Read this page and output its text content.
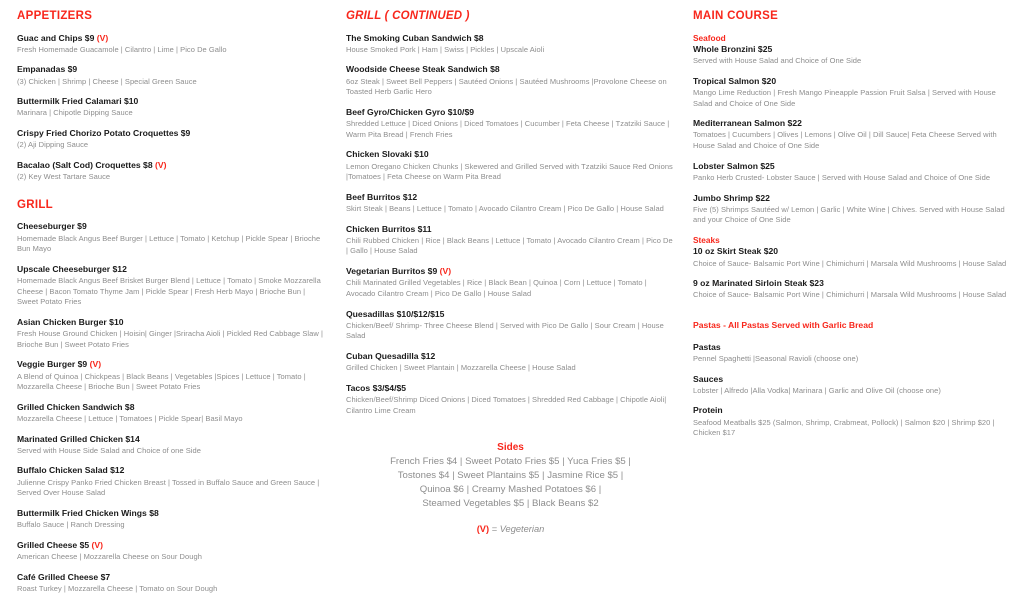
APPETIZERS
Guac and Chips $9 (V)
Fresh Homemade Guacamole | Cilantro | Lime | Pico De Gallo
Empanadas $9
(3) Chicken | Shrimp | Cheese | Special Green Sauce
Buttermilk Fried Calamari $10
Marinara | Chipotle Dipping Sauce
Crispy Fried Chorizo Potato Croquettes $9
(2) Aji Dipping Sauce
Bacalao (Salt Cod) Croquettes $8 (V)
(2) Key West Tartare Sauce
GRILL
Cheeseburger $9
Homemade Black Angus Beef Burger | Lettuce | Tomato | Ketchup | Pickle Spear | Brioche Bun Mayo
Upscale Cheeseburger $12
Homemade Black Angus Beef Brisket Burger Blend | Lettuce | Tomato | Smoke Mozzarella Cheese | Bacon Tomato Thyme Jam | Pickle Spear | Fresh Herb Mayo | Brioche Bun | Sweet Potato Fries
Asian Chicken Burger $10
Fresh House Ground Chicken | Hoisin| Ginger |Sriracha Aioli | Pickled Red Cabbage Slaw | Brioche Bun | Sweet Potato Fries
Veggie Burger $9 (V)
A Blend of Quinoa | Chickpeas | Black Beans | Vegetables |Spices | Lettuce | Tomato | Mozzarella Cheese | Brioche Bun | Sweet Potato Fries
Grilled Chicken Sandwich $8
Mozzarella Cheese | Lettuce | Tomatoes | Pickle Spear| Basil Mayo
Marinated Grilled Chicken $14
Served with House Side Salad and Choice of one Side
Buffalo Chicken Salad $12
Julienne Crispy Panko Fried Chicken Breast | Tossed in Buffalo Sauce and Green Sauce | Served Over House Salad
Buttermilk Fried Chicken Wings $8
Buffalo Sauce | Ranch Dressing
Grilled Cheese $5 (V)
American Cheese | Mozzarella Cheese on Sour Dough
Café Grilled Cheese $7
Roast Turkey | Mozzarella Cheese | Tomato on Sour Dough
GRILL ( CONTINUED )
The Smoking Cuban Sandwich $8
House Smoked Pork | Ham | Swiss | Pickles | Upscale Aioli
Woodside Cheese Steak Sandwich $8
6oz Steak | Sweet Bell Peppers | Sautéed Onions | Sautéed Mushrooms |Provolone Cheese on Toasted Herb Garlic Hero
Beef Gyro/Chicken Gyro $10/$9
Shredded Lettuce | Diced Onions | Diced Tomatoes | Cucumber | Feta Cheese | Tzatziki Sauce | Warm Pita Bread | French Fries
Chicken Slovaki $10
Lemon Oregano Chicken Chunks | Skewered and Grilled Served with Tzatziki Sauce Red Onions |Tomatoes | Feta Cheese on Warm Pita Bread
Beef Burritos $12
Skirt Steak | Beans | Lettuce | Tomato | Avocado Cilantro Cream | Pico De Gallo | House Salad
Chicken Burritos $11
Chili Rubbed Chicken | Rice | Black Beans | Lettuce | Tomato | Avocado Cilantro Cream | Pico De | Gallo | House Salad
Vegetarian Burritos $9 (V)
Chili Marinated Grilled Vegetables | Rice | Black Bean | Quinoa | Corn | Lettuce | Tomato | Avocado Cilantro Cream | Pico De Gallo | House Salad
Quesadillas $10/$12/$15
Chicken/Beef/ Shrimp- Three Cheese Blend | Served with Pico De Gallo | Sour Cream | House Salad
Cuban Quesadilla $12
Grilled Chicken | Sweet Plantain | Mozzarella Cheese | House Salad
Tacos $3/$4/$5
Chicken/Beef/Shrimp Diced Onions | Diced Tomatoes | Shredded Red Cabbage | Chipotle Aioli| Cilantro Lime Cream
Sides
French Fries $4 | Sweet Potato Fries $5 | Yuca Fries $5 |
Tostones $4 | Sweet Plantains $5 | Jasmine Rice $5 |
Quinoa $6 | Creamy Mashed Potatoes $6 |
Steamed Vegetables $5 | Black Beans $2
(V) = Vegeterian
MAIN COURSE
Seafood
Whole Bronzini $25
Served with House Salad and Choice of One Side
Tropical Salmon $20
Mango Lime Reduction | Fresh Mango Pineapple Passion Fruit Salsa | Served with House Salad and Choice of One Side
Mediterranean Salmon $22
Tomatoes | Cucumbers | Olives | Lemons | Olive Oil | Dill Sauce| Feta Cheese Served with House Salad and Choice of One Side
Lobster Salmon $25
Panko Herb Crusted- Lobster Sauce | Served with House Salad and Choice of One Side
Jumbo Shrimp $22
Five (5) Shrimps Sautéed w/ Lemon | Garlic | White Wine | Chives. Served with House Salad and your Choice of One Side
Steaks
10 oz Skirt Steak $20
Choice of Sauce- Balsamic Port Wine | Chimichurri | Marsala Wild Mushrooms | House Salad
9 oz Marinated Sirloin Steak $23
Choice of Sauce- Balsamic Port Wine | Chimichurri | Marsala Wild Mushrooms | House Salad
Pastas - All Pastas Served with Garlic Bread
Pastas
Pennel Spaghetti |Seasonal Ravioli (choose one)
Sauces
Lobster | Alfredo |Alla Vodka| Marinara | Garlic and Olive Oil (choose one)
Protein
Seafood Meatballs $25 (Salmon, Shrimp, Crabmeat, Pollock) | Salmon $20 | Shrimp $20 | Chicken $17
